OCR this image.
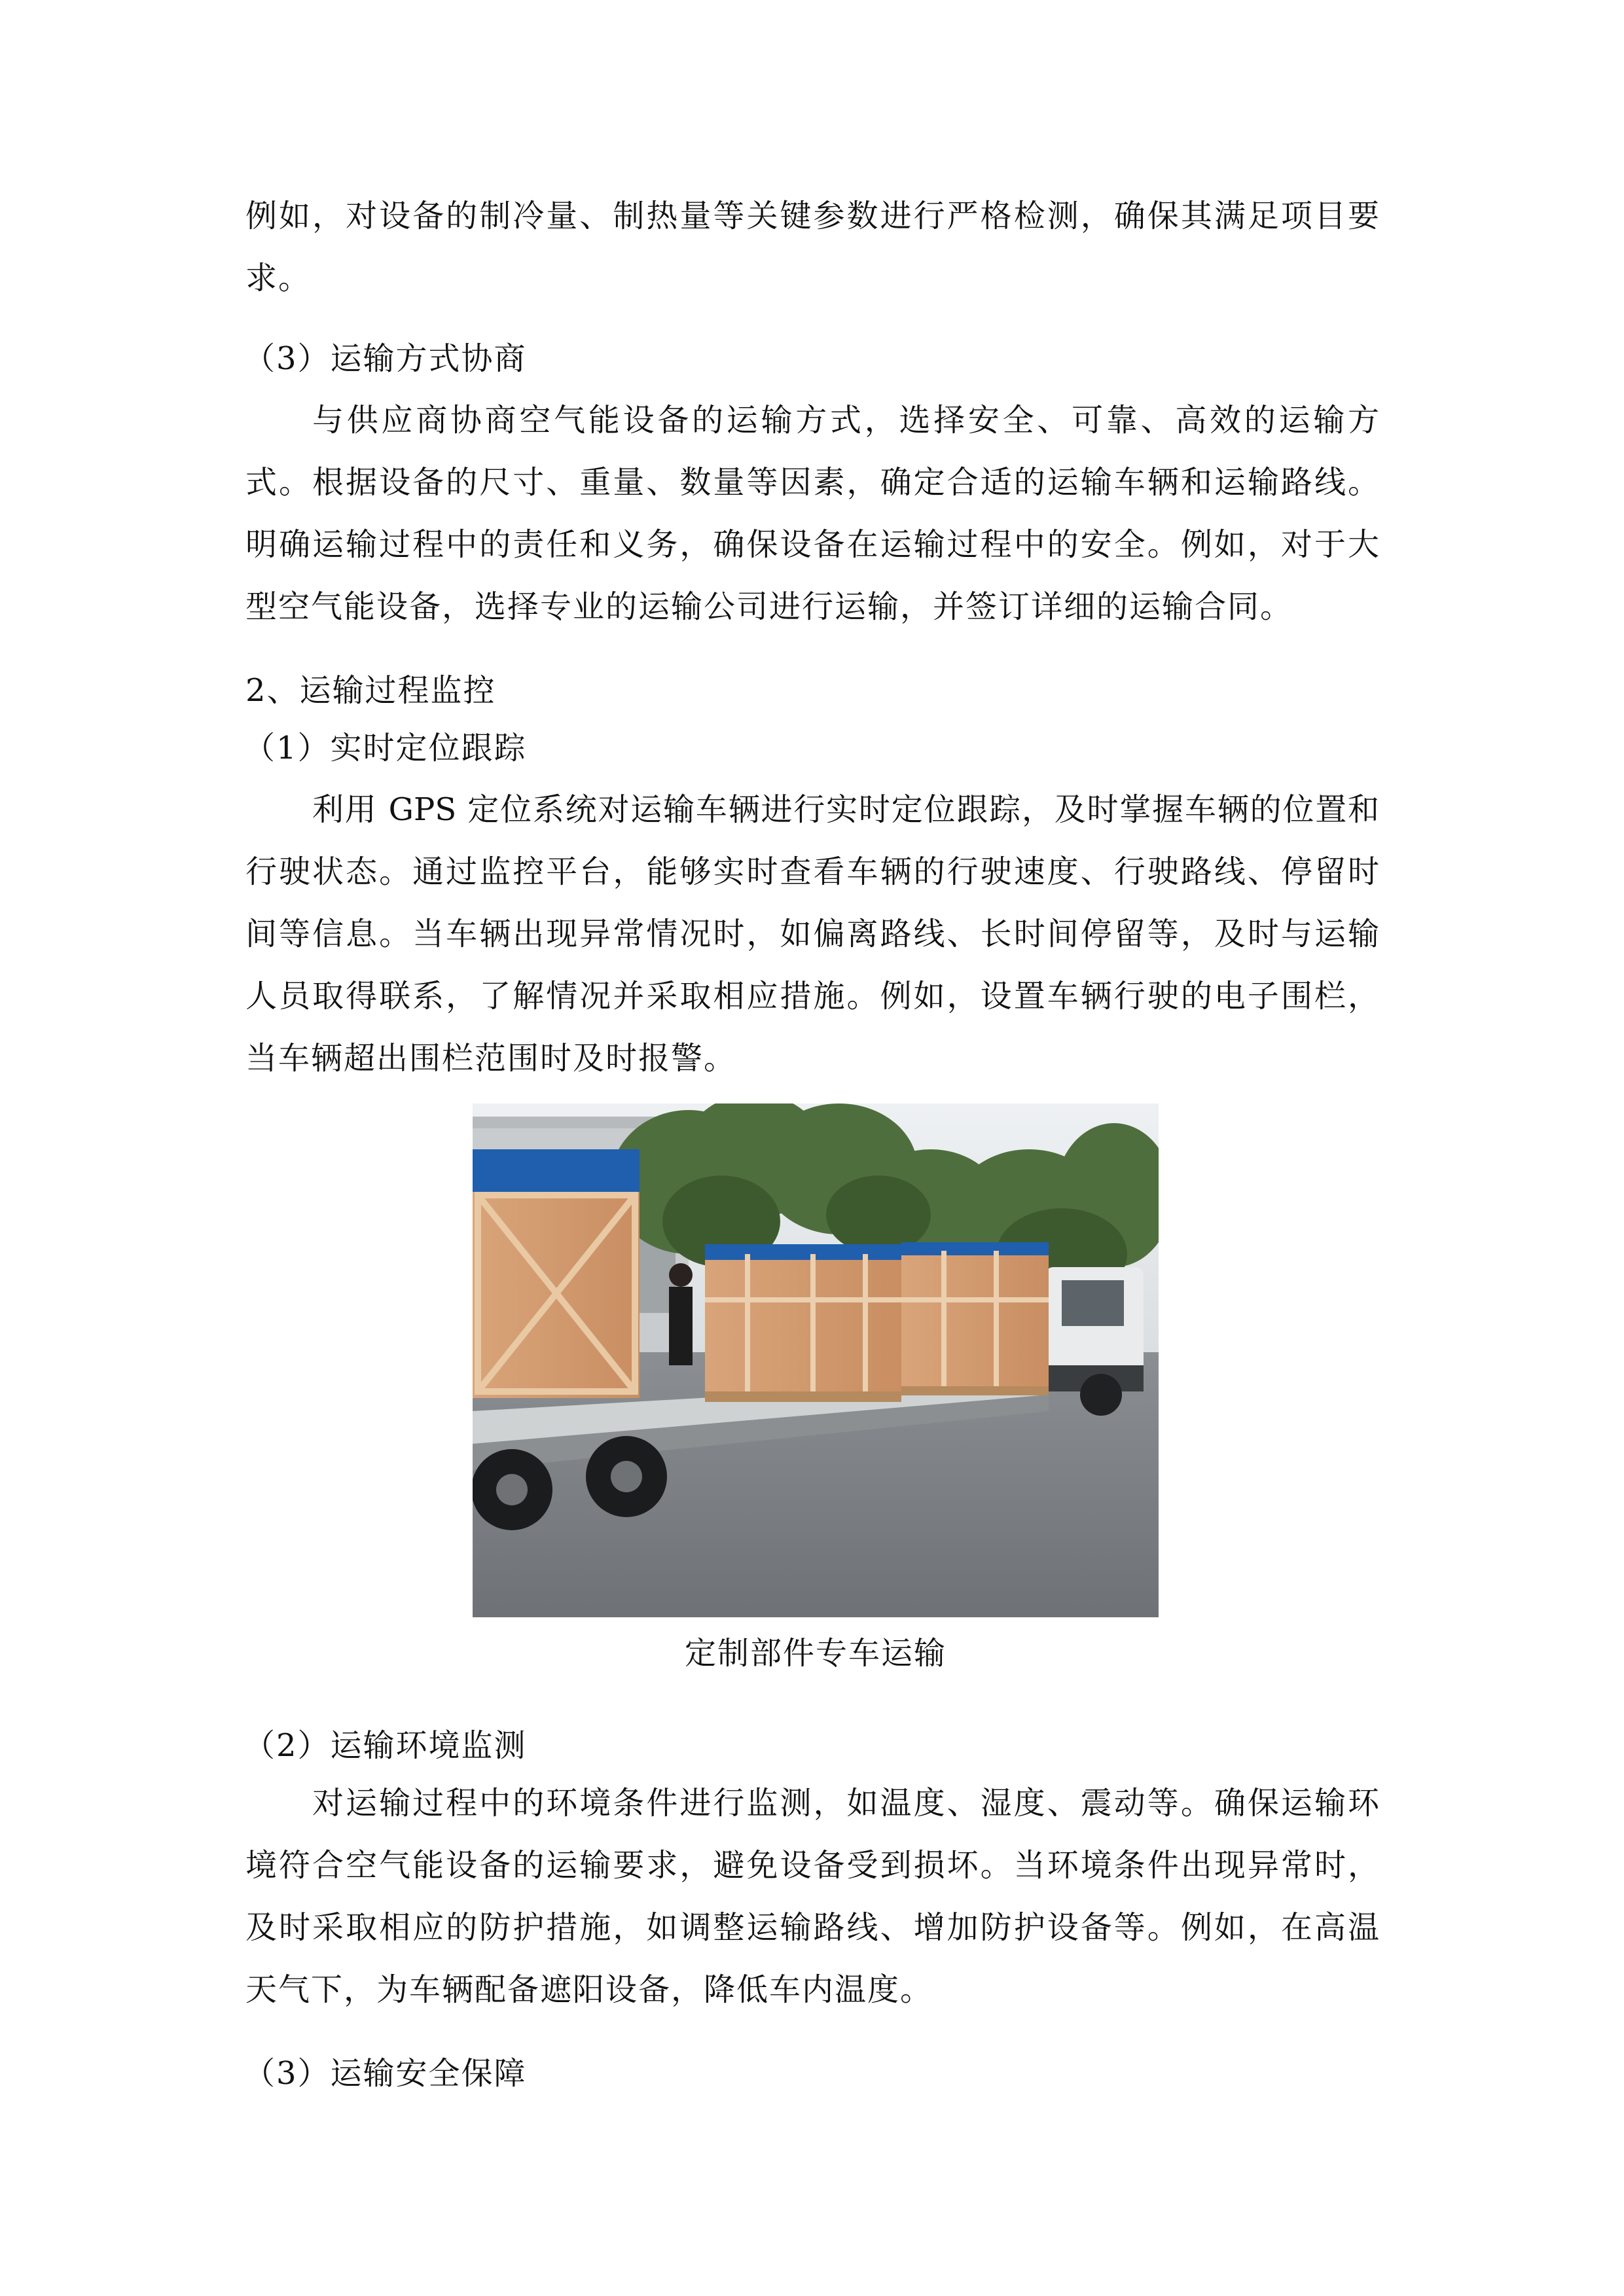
例如，对设备的制冷量、制热量等关键参数进行严格检测，确保其满足项目要
求。
（3）运输方式协商
与供应商协商空气能设备的运输方式，选择安全、可靠、高效的运输方
式。根据设备的尺寸、重量、数量等因素，确定合适的运输车辆和运输路线。
明确运输过程中的责任和义务，确保设备在运输过程中的安全。例如，对于大
型空气能设备，选择专业的运输公司进行运输，并签订详细的运输合同。
2、运输过程监控
（1）实时定位跟踪
利用 GPS 定位系统对运输车辆进行实时定位跟踪，及时掌握车辆的位置和
行驶状态。通过监控平台，能够实时查看车辆的行驶速度、行驶路线、停留时
间等信息。当车辆出现异常情况时，如偏离路线、长时间停留等，及时与运输
人员取得联系，了解情况并采取相应措施。例如，设置车辆行驶的电子围栏，
当车辆超出围栏范围时及时报警。
定制部件专车运输
（2）运输环境监测
对运输过程中的环境条件进行监测，如温度、湿度、震动等。确保运输环
境符合空气能设备的运输要求，避免设备受到损坏。当环境条件出现异常时，
及时采取相应的防护措施，如调整运输路线、增加防护设备等。例如，在高温
天气下，为车辆配备遮阳设备，降低车内温度。
（3）运输安全保障
